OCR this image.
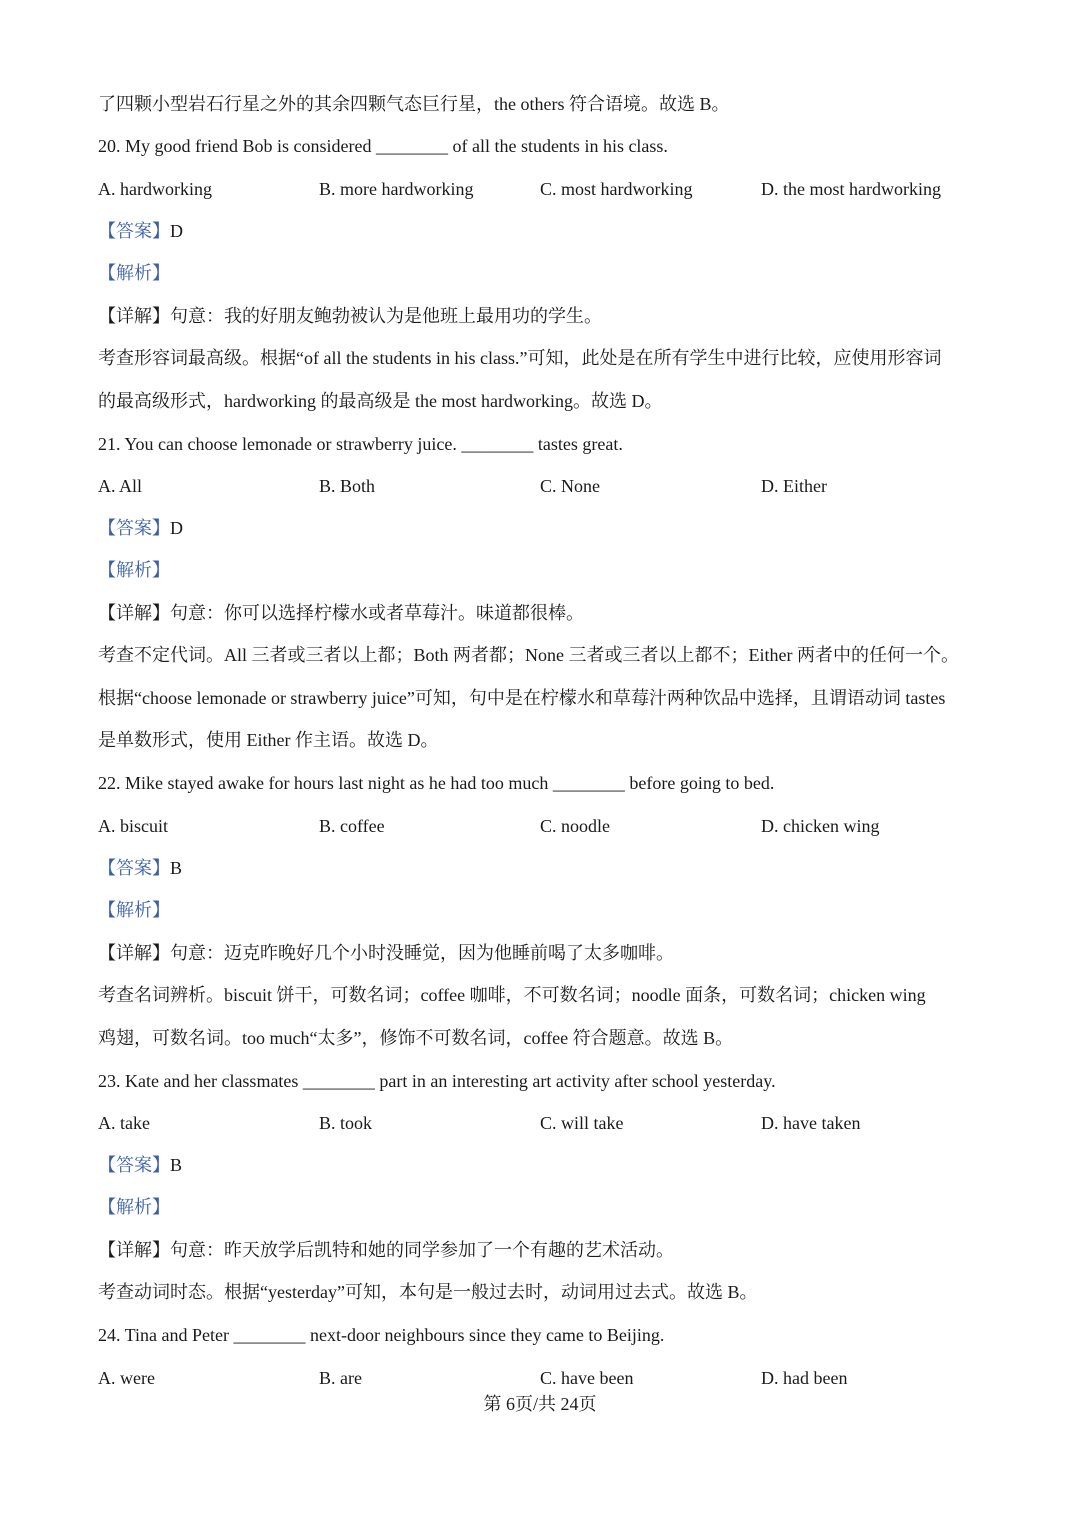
了四颗小型岩石行星之外的其余四颗气态巨行星，the others 符合语境。故选 B。
20. My good friend Bob is considered ________ of all the students in his class.
A. hardworking	B. more hardworking	C. most hardworking	D. the most hardworking
【答案】D
【解析】
【详解】句意：我的好朋友鲍勃被认为是他班上最用功的学生。
考查形容词最高级。根据“of all the students in his class.”可知，此处是在所有学生中进行比较，应使用形容词
的最高级形式，hardworking 的最高级是 the most hardworking。故选 D。
21. You can choose lemonade or strawberry juice. ________ tastes great.
A. All	B. Both	C. None	D. Either
【答案】D
【解析】
【详解】句意：你可以选择柠檬水或者草莓汁。味道都很棒。
考查不定代词。All 三者或三者以上都；Both 两者都；None 三者或三者以上都不；Either 两者中的任何一个。
根据“choose lemonade or strawberry juice”可知，句中是在柠檬水和草莓汁两种饮品中选择，且谓语动词 tastes
是单数形式，使用 Either 作主语。故选 D。
22. Mike stayed awake for hours last night as he had too much ________ before going to bed.
A. biscuit	B. coffee	C. noodle	D. chicken wing
【答案】B
【解析】
【详解】句意：迈克昨晚好几个小时没睡觉，因为他睡前喝了太多咖啡。
考查名词辨析。biscuit 饼干，可数名词；coffee 咖啡，不可数名词；noodle 面条，可数名词；chicken wing
鸡翅，可数名词。too much“太多”，修饰不可数名词，coffee 符合题意。故选 B。
23. Kate and her classmates ________ part in an interesting art activity after school yesterday.
A. take	B. took	C. will take	D. have taken
【答案】B
【解析】
【详解】句意：昨天放学后凯特和她的同学参加了一个有趣的艺术活动。
考查动词时态。根据“yesterday”可知，本句是一般过去时，动词用过去式。故选 B。
24. Tina and Peter ________ next-door neighbours since they came to Beijing.
A. were	B. are	C. have been	D. had been
第 6页/共 24页
